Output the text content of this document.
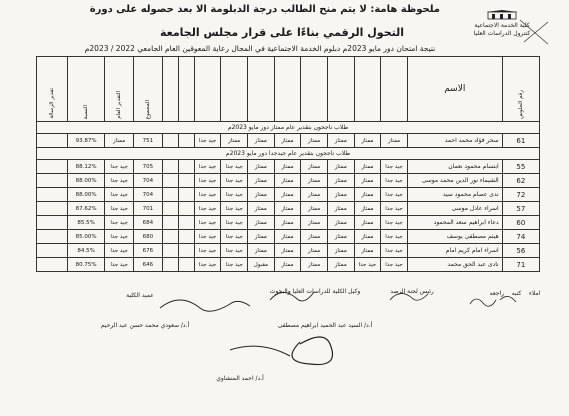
كلية الخدمة الاجتماعية
كنترول الدراسات العليا
ملحوظة هامة: لا يتم منح الطالب درجة الدبلومة الا بعد حصوله على دورة
التحول الرقمي بناءًا على قرار مجلس الجامعة
نتيجة امتحان دور مايو 2023م دبلوم الخدمة الاجتماعية في المجال رعاية المعوقين العام الجامعي 2022 / 2023م
رقم الجلوس	الاسم											المجموع	التقدير العام	النسبة	تقدير الرسالة
طلاب ناجحون بتقدير عام ممتاز دور مايو 2023م															
61	سحر فؤاد محمد احمد	ممتاز	ممتاز	ممتاز	ممتاز	ممتاز	ممتاز	ممتاز	جيد جدا			751	ممتاز	93.87%	
طلاب ناجحون بتقدير عام جيدجدا دور مايو 2023م															
55	ابتسام محمود نعمان	جيد جدا	ممتاز	ممتاز	ممتاز	ممتاز	ممتاز	جيد جدا	جيد جدا			705	جيد جدا	88.12%	
62	الشيماء نور الدين محمد موسى	جيد جدا	ممتاز	ممتاز	ممتاز	ممتاز	ممتاز	جيد جدا	جيد جدا			704	جيد جدا	88.00%	
72	ندى عصام محمود سيد	جيد جدا	ممتاز	ممتاز	ممتاز	ممتاز	ممتاز	جيد جدا	جيد جدا			704	جيد جدا	88.00%	
57	اسراء عادل موسى	جيد جدا	ممتاز	ممتاز	ممتاز	ممتاز	ممتاز	جيد جدا	جيد جدا			701	جيد جدا	87.62%	
60	دعاء ابراهيم سعد المحمود	جيد جدا	ممتاز	ممتاز	ممتاز	ممتاز	ممتاز	جيد جدا	جيد جدا			684	جيد جدا	85.5%	
74	هيثم مصطفى يوسف	جيد جدا	ممتاز	ممتاز	ممتاز	ممتاز	ممتاز	جيد جدا	جيد جدا			680	جيد جدا	85.00%	
56	اسراء امام كريم امام	جيد جدا	ممتاز	ممتاز	ممتاز	ممتاز	ممتاز	جيد جدا	جيد جدا			676	جيد جدا	84.5%	
71	نادى عبد الحق محمد	جيد جدا	جيد جدا	ممتاز	ممتاز	ممتاز	مقبول	جيد جدا	جيد جدا			646	جيد جدا	80.75%	
املاء    كتبه    راجعه
رئيس لجنة الرصد
وكيل الكلية للدراسات العليا والبحوث
أ.د/ السيد عبد الحميد ابراهيم مصطفى
عميد الكلية
أ.د/ سعودي محمد حسن عبد الرحيم
أ.د/ احمد المنشاوي
